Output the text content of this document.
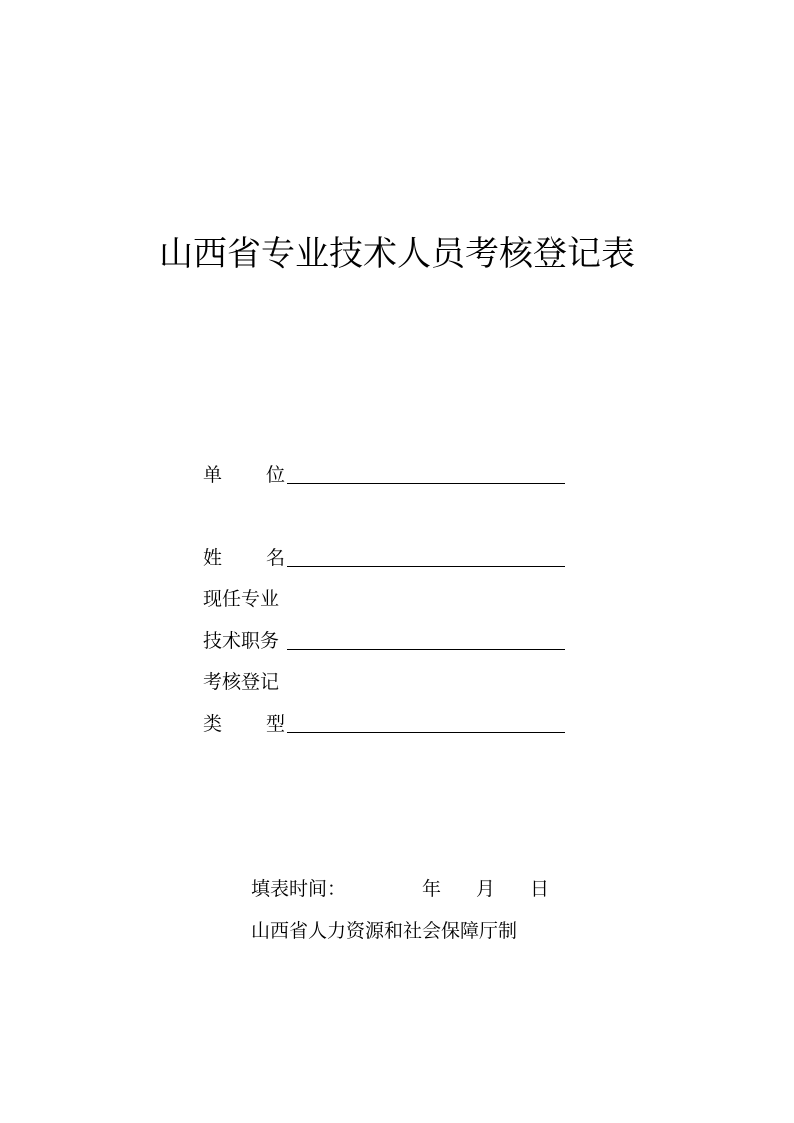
山西省专业技术人员考核登记表
单 位
姓 名
现任专业
技术职务
考核登记
类 型
填表时间：	年 月 日
山西省人力资源和社会保障厅制
